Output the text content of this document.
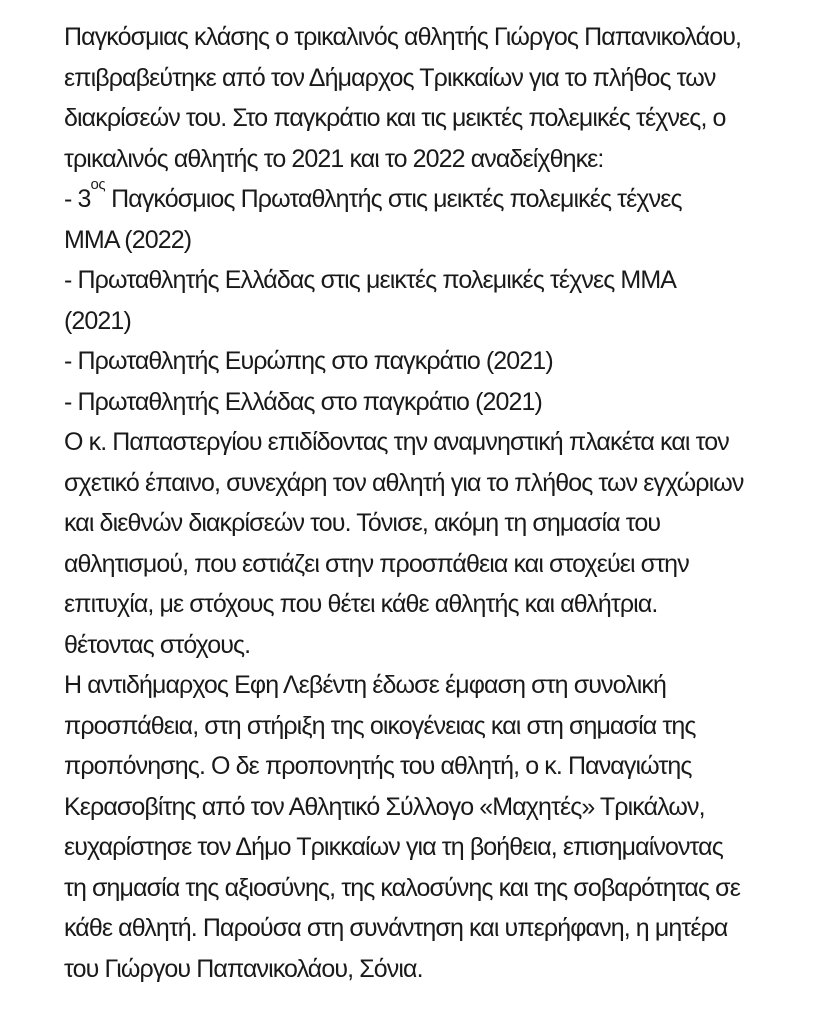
Παγκόσμιας κλάσης ο τρικαλινός αθλητής Γιώργος Παπανικολάου,
επιβραβεύτηκε από τον Δήμαρχος Τρικκαίων για το πλήθος των
διακρίσεών του. Στο παγκράτιο και τις μεικτές πολεμικές τέχνες, ο
τρικαλινός αθλητής το 2021 και το 2022 αναδείχθηκε:
- $3^{o\varsigma}$ Παγκόσμιος Πρωταθλητής στις μεικτές πολεμικές τέχνες
ΜΜΑ (2022)
- Πρωταθλητής Ελλάδας στις μεικτές πολεμικές τέχνες ΜΜΑ
(2021)
- Πρωταθλητής Ευρώπης στο παγκράτιο (2021)
- Πρωταθλητής Ελλάδας στο παγκράτιο (2021)
Ο κ. Παπαστεργίου επιδίδοντας την αναμνηστική πλακέτα και τον
σχετικό έπαινο, συνεχάρη τον αθλητή για το πλήθος των εγχώριων
και διεθνών διακρίσεών του. Τόνισε, ακόμη τη σημασία του
αθλητισμού, που εστιάζει στην προσπάθεια και στοχεύει στην
επιτυχία, με στόχους που θέτει κάθε αθλητής και αθλήτρια.
θέτοντας στόχους.
Η αντιδήμαρχος Εφη Λεβέντη έδωσε έμφαση στη συνολική
προσπάθεια, στη στήριξη της οικογένειας και στη σημασία της
προπόνησης. Ο δε προπονητής του αθλητή, ο κ. Παναγιώτης
Κερασοβίτης από τον Αθλητικό Σύλλογο «Μαχητές» Τρικάλων,
ευχαρίστησε τον Δήμο Τρικκαίων για τη βοήθεια, επισημαίνοντας
τη σημασία της αξιοσύνης, της καλοσύνης και της σοβαρότητας σε
κάθε αθλητή. Παρούσα στη συνάντηση και υπερήφανη, η μητέρα
του Γιώργου Παπανικολάου, Σόνια.
